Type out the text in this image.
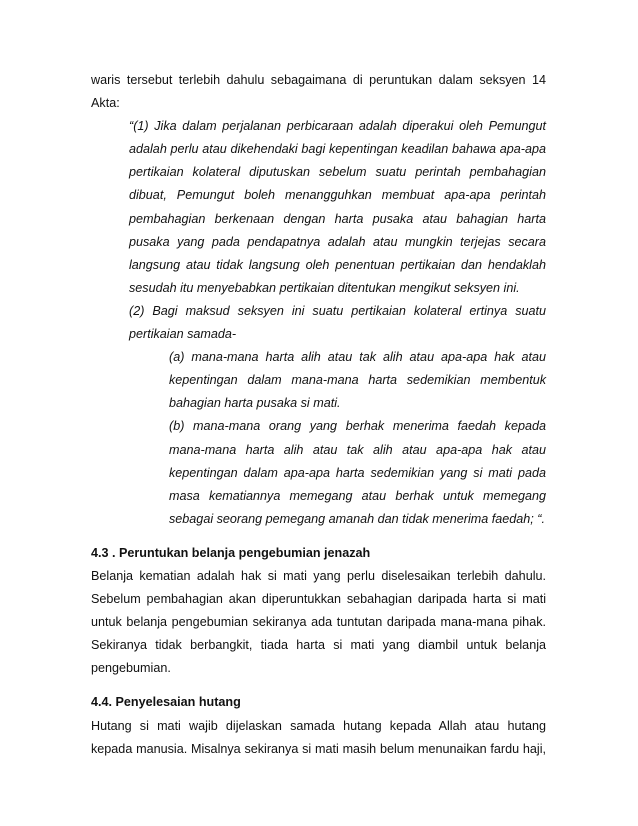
waris tersebut terlebih dahulu sebagaimana di peruntukan dalam seksyen 14

Akta:

“(1) Jika dalam perjalanan perbicaraan adalah diperakui oleh Pemungut

adalah perlu atau dikehendaki bagi kepentingan keadilan bahawa apa-apa

pertikaian kolateral diputuskan sebelum suatu perintah pembahagian

dibuat, Pemungut boleh menangguhkan membuat apa-apa perintah

pembahagian berkenaan dengan harta pusaka atau bahagian harta

pusaka yang pada pendapatnya adalah atau mungkin terjejas secara

langsung atau tidak langsung oleh penentuan pertikaian dan hendaklah

sesudah itu menyebabkan pertikaian ditentukan mengikut seksyen ini.

(2) Bagi maksud seksyen ini suatu pertikaian kolateral ertinya suatu

pertikaian samada-

(a) mana-mana harta alih atau tak alih atau apa-apa hak atau

kepentingan dalam mana-mana harta sedemikian membentuk

bahagian harta pusaka si mati.

(b) mana-mana orang yang berhak menerima faedah kepada

mana-mana harta alih atau tak alih atau apa-apa hak atau

kepentingan dalam apa-apa harta sedemikian yang si mati pada

masa kematiannya memegang atau berhak untuk memegang

sebagai seorang pemegang amanah dan tidak menerima faedah; “.

4.3 . Peruntukan belanja pengebumian jenazah

Belanja kematian adalah hak si mati yang perlu diselesaikan terlebih dahulu.

Sebelum pembahagian akan diperuntukkan sebahagian daripada harta si mati

untuk belanja pengebumian sekiranya ada tuntutan daripada mana-mana pihak.

Sekiranya tidak berbangkit, tiada harta si mati yang diambil untuk belanja

pengebumian.

4.4. Penyelesaian hutang

Hutang si mati wajib dijelaskan samada hutang kepada Allah atau hutang

kepada manusia. Misalnya sekiranya si mati masih belum menunaikan fardu haji,
